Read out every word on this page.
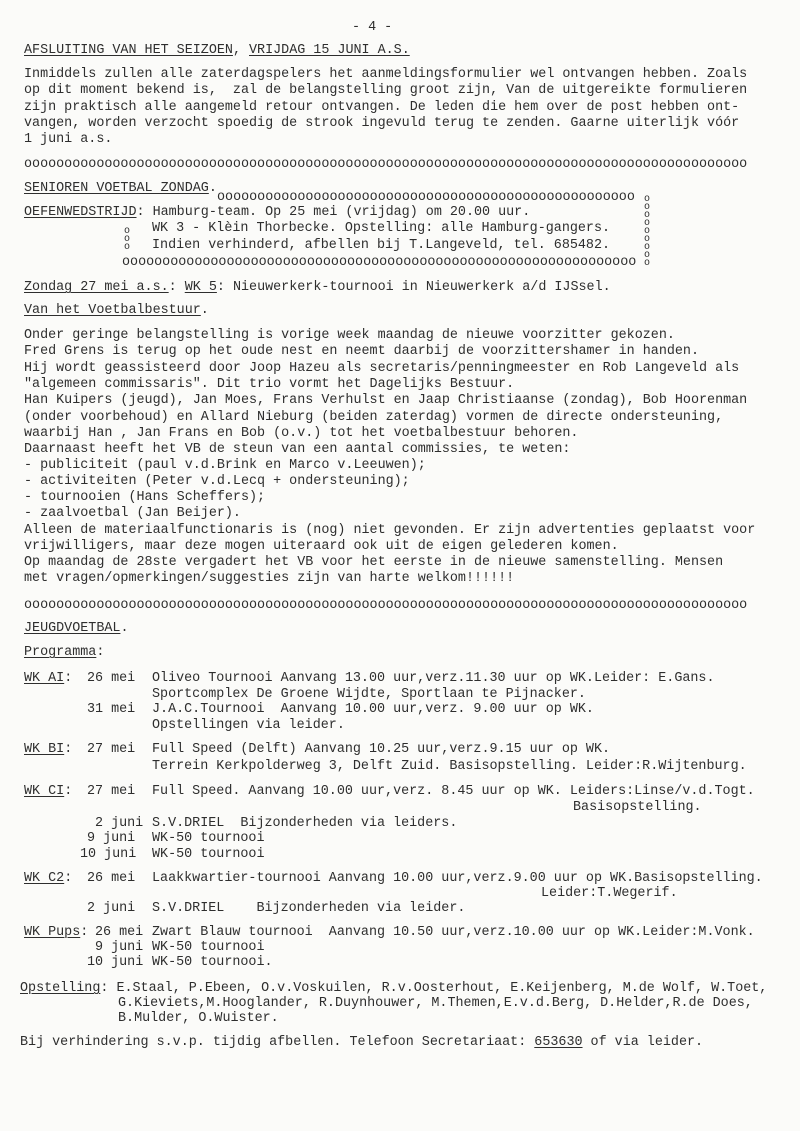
- 4 -
AFSLUITING VAN HET SEIZOEN, VRIJDAG 15 JUNI A.S.
Inmiddels zullen alle zaterdagspelers het aanmeldingsformulier wel ontvangen hebben. Zoals
op dit moment bekend is,  zal de belangstelling groot zijn, Van de uitgereikte formulieren
zijn praktisch alle aangemeld retour ontvangen. De leden die hem over de post hebben ont-
vangen, worden verzocht spoedig de strook ingevuld terug te zenden. Gaarne uiterlijk vóór
1 juni a.s.
oooooooooooooooooooooooooooooooooooooooooooooooooooooooooooooooooooooooooooooooooooooooooo
SENIOREN VOETBAL ZONDAG.
oooooooooooooooooooooooooooooooooooooooooooooooooooo ooooooooo
OEFENWEDSTRIJD: Hamburg-team. Op 25 mei (vrijdag) om 20.00 uur.
WK 3 - Klèin Thorbecke. Opstelling: alle Hamburg-gangers.
ooo Indien verhinderd, afbellen bij T.Langeveld, tel. 685482.
oooooooooooooooooooooooooooooooooooooooooooooooooooooooooooooooo
Zondag 27 mei a.s.: WK 5: Nieuwerkerk-tournooi in Nieuwerkerk a/d IJSsel.
Van het Voetbalbestuur.
Onder geringe belangstelling is vorige week maandag de nieuwe voorzitter gekozen.
Fred Grens is terug op het oude nest en neemt daarbij de voorzittershamer in handen.
Hij wordt geassisteerd door Joop Hazeu als secretaris/penningmeester en Rob Langeveld als
"algemeen commissaris". Dit trio vormt het Dagelijks Bestuur.
Han Kuipers (jeugd), Jan Moes, Frans Verhulst en Jaap Christiaanse (zondag), Bob Hoorenman
(onder voorbehoud) en Allard Nieburg (beiden zaterdag) vormen de directe ondersteuning,
waarbij Han , Jan Frans en Bob (o.v.) tot het voetbalbestuur behoren.
Daarnaast heeft het VB de steun van een aantal commissies, te weten:
- publiciteit (paul v.d.Brink en Marco v.Leeuwen);
- activiteiten (Peter v.d.Lecq + ondersteuning);
- tournooien (Hans Scheffers);
- zaalvoetbal (Jan Beijer).
Alleen de materiaalfunctionaris is (nog) niet gevonden. Er zijn advertenties geplaatst voor
vrijwilligers, maar deze mogen uiteraard ook uit de eigen gelederen komen.
Op maandag de 28ste vergadert het VB voor het eerste in de nieuwe samenstelling. Mensen
met vragen/opmerkingen/suggesties zijn van harte welkom!!!!!!
oooooooooooooooooooooooooooooooooooooooooooooooooooooooooooooooooooooooooooooooooooooooooo
JEUGDVOETBAL.
Programma:
WK AI: 26 mei Oliveo Tournooi Aanvang 13.00 uur,verz.11.30 uur op WK.Leider: E.Gans.
Sportcomplex De Groene Wijdte, Sportlaan te Pijnacker.
31 mei J.A.C.Tournooi  Aanvang 10.00 uur,verz. 9.00 uur op WK.
Opstellingen via leider.
WK BI: 27 mei Full Speed (Delft) Aanvang 10.25 uur,verz.9.15 uur op WK.
Terrein Kerkpolderweg 3, Delft Zuid. Basisopstelling. Leider:R.Wijtenburg.
WK CI: 27 mei Full Speed. Aanvang 10.00 uur,verz. 8.45 uur op WK. Leiders:Linse/v.d.Togt.
Basisopstelling.
2 juni S.V.DRIEL  Bijzonderheden via leiders.
9 juni WK-50 tournooi
10 juni WK-50 tournooi
WK C2: 26 mei Laakkwartier-tournooi Aanvang 10.00 uur,verz.9.00 uur op WK.Basisopstelling.
Leider:T.Wegerif.
2 juni S.V.DRIEL    Bijzonderheden via leider.
WK Pups: 26 mei Zwart Blauw tournooi  Aanvang 10.50 uur,verz.10.00 uur op WK.Leider:M.Vonk.
9 juni WK-50 tournooi
10 juni WK-50 tournooi.
Opstelling: E.Staal, P.Ebeen, O.v.Voskuilen, R.v.Oosterhout, E.Keijenberg, M.de Wolf, W.Toet,
G.Kieviets,M.Hooglander, R.Duynhouwer, M.Themen,E.v.d.Berg, D.Helder,R.de Does,
B.Mulder, O.Wuister.
Bij verhindering s.v.p. tijdig afbellen. Telefoon Secretariaat: 653630 of via leider.
